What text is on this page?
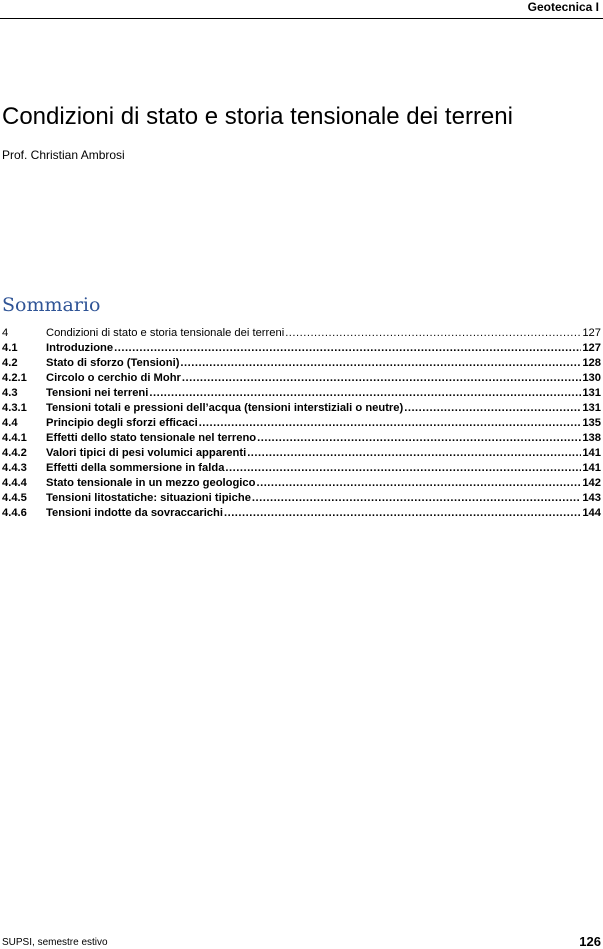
Geotecnica I
Condizioni di stato e storia tensionale dei terreni
Prof. Christian Ambrosi
Sommario
4	Condizioni di stato e storia tensionale dei terreni .....	127
4.1	Introduzione .....	127
4.2	Stato di sforzo (Tensioni) .....	128
4.2.1	Circolo o cerchio di Mohr .....	130
4.3	Tensioni nei terreni .....	131
4.3.1	Tensioni totali e pressioni dell’acqua (tensioni interstiziali o neutre) .....	131
4.4	Principio degli sforzi efficaci .....	135
4.4.1	Effetti dello stato tensionale nel terreno .....	138
4.4.2	Valori tipici di pesi volumici apparenti .....	141
4.4.3	Effetti della sommersione in falda .....	141
4.4.4	Stato tensionale in un mezzo geologico .....	142
4.4.5	Tensioni litostatiche: situazioni tipiche .....	143
4.4.6	Tensioni indotte da sovraccarichi .....	144
SUPSI, semestre estivo	126
